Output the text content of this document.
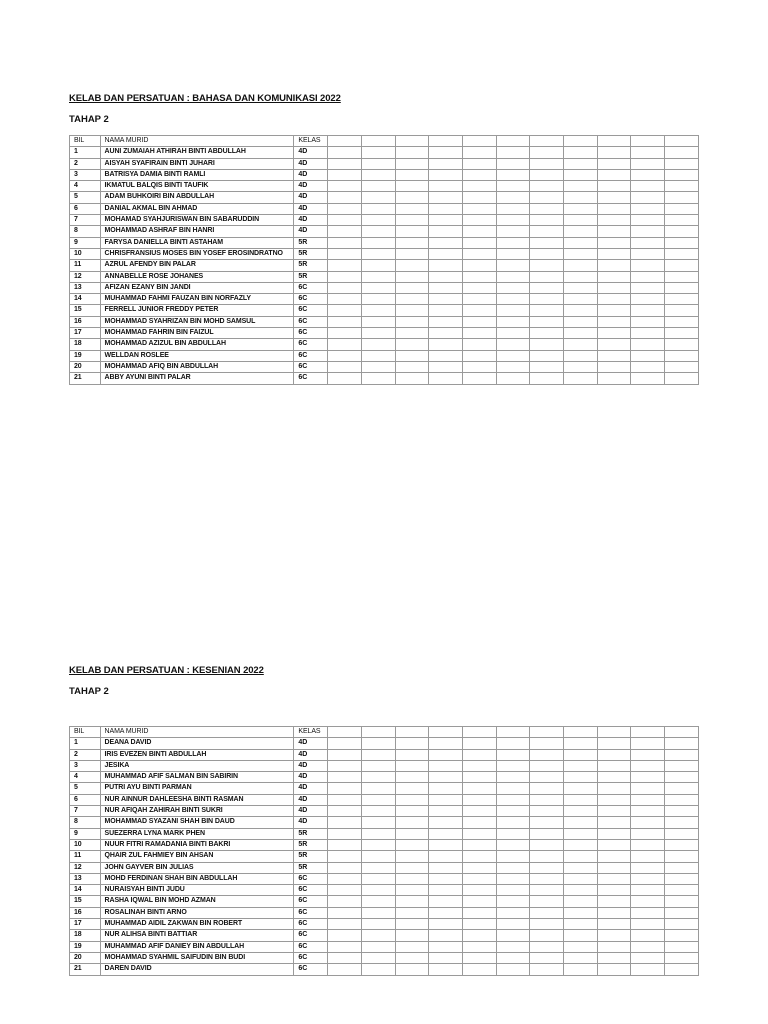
KELAB DAN PERSATUAN : BAHASA DAN KOMUNIKASI 2022
TAHAP 2
BIL	NAMA MURID	KELAS											
1	AUNI ZUMAIAH ATHIRAH BINTI ABDULLAH	4D											
2	AISYAH SYAFIRAIN BINTI JUHARI	4D											
3	BATRISYA DAMIA BINTI RAMLI	4D											
4	IKMATUL BALQIS BINTI TAUFIK	4D											
5	ADAM BUHKOIRI BIN ABDULLAH	4D											
6	DANIAL AKMAL BIN AHMAD	4D											
7	MOHAMAD SYAHJURISWAN BIN SABARUDDIN	4D											
8	MOHAMMAD ASHRAF BIN HANRI	4D											
9	FARYSA DANIELLA BINTI ASTAHAM	5R											
10	CHRISFRANSIUS MOSES BIN YOSEF EROSINDRATNO	5R											
11	AZRUL AFENDY BIN PALAR	5R											
12	ANNABELLE ROSE JOHANES	5R											
13	AFIZAN EZANY BIN JANDI	6C											
14	MUHAMMAD FAHMI FAUZAN BIN NORFAZLY	6C											
15	FERRELL JUNIOR FREDDY PETER	6C											
16	MOHAMMAD SYAHRIZAN BIN MOHD SAMSUL	6C											
17	MOHAMMAD FAHRIN BIN FAIZUL	6C											
18	MOHAMMAD AZIZUL BIN ABDULLAH	6C											
19	WELLDAN ROSLEE	6C											
20	MOHAMMAD AFIQ BIN ABDULLAH	6C											
21	ABBY AYUNI BINTI PALAR	6C											
KELAB DAN PERSATUAN : KESENIAN 2022
TAHAP 2
BIL	NAMA MURID	KELAS											
1	DEANA DAVID	4D											
2	IRIS EVEZEN BINTI ABDULLAH	4D											
3	JESIKA	4D											
4	MUHAMMAD AFIF SALMAN BIN SABIRIN	4D											
5	PUTRI AYU BINTI PARMAN	4D											
6	NUR AINNUR DAHLEESHA BINTI RASMAN	4D											
7	NUR AFIQAH ZAHIRAH BINTI SUKRI	4D											
8	MOHAMMAD SYAZANI SHAH BIN DAUD	4D											
9	SUEZERRA LYNA MARK PHEN	5R											
10	NUUR FITRI RAMADANIA BINTI BAKRI	5R											
11	QHAIR ZUL FAHMIEY BIN AHSAN	5R											
12	JOHN GAYVER BIN JULIAS	5R											
13	MOHD FERDINAN SHAH BIN ABDULLAH	6C											
14	NURAISYAH BINTI JUDU	6C											
15	RASHA IQWAL BIN MOHD AZMAN	6C											
16	ROSALINAH BINTI ARNO	6C											
17	MUHAMMAD AIDIL ZAKWAN BIN ROBERT	6C											
18	NUR ALIHSA BINTI BATTIAR	6C											
19	MUHAMMAD AFIF DANIEY BIN ABDULLAH	6C											
20	MOHAMMAD SYAHMIL SAIFUDIN BIN BUDI	6C											
21	DAREN DAVID	6C											
